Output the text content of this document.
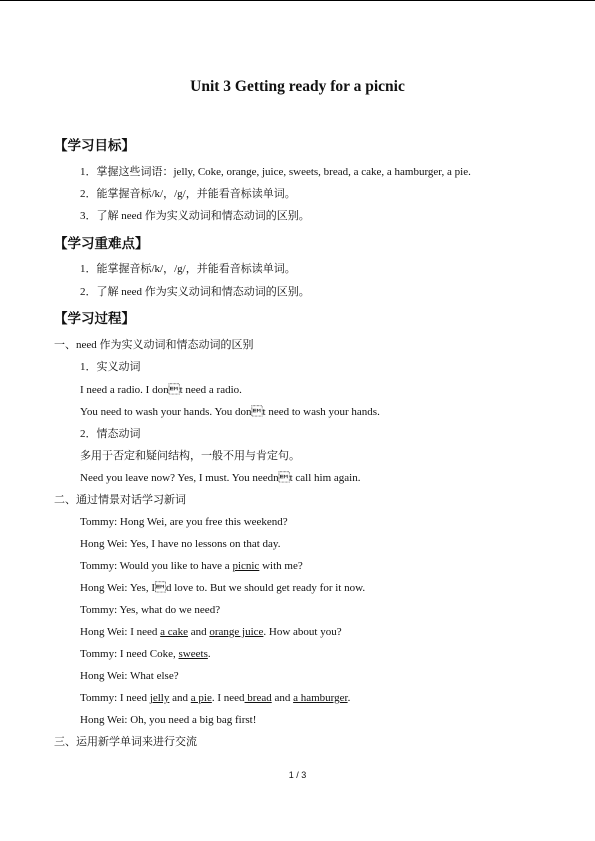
Unit 3 Getting ready for a picnic
【学习目标】
1．掌握这些词语：jelly, Coke, orange, juice, sweets, bread, a cake, a hamburger, a pie.
2．能掌握音标/k/，/g/，并能看音标读单词。
3．了解 need 作为实义动词和情态动词的区别。
【学习重难点】
1．能掌握音标/k/，/g/，并能看音标读单词。
2．了解 need 作为实义动词和情态动词的区别。
【学习过程】
一、need 作为实义动词和情态动词的区别
1．实义动词
I need a radio. I dont need a radio.
You need to wash your hands. You dont need to wash your hands.
2．情态动词
多用于否定和疑问结构，一般不用与肯定句。
Need you leave now? Yes, I must. You neednt call him again.
二、通过情景对话学习新词
Tommy: Hong Wei, are you free this weekend?
Hong Wei: Yes, I have no lessons on that day.
Tommy: Would you like to have a picnic with me?
Hong Wei: Yes, Id love to. But we should get ready for it now.
Tommy: Yes, what do we need?
Hong Wei: I need a cake and orange juice. How about you?
Tommy: I need Coke, sweets.
Hong Wei: What else?
Tommy: I need jelly and a pie. I need bread and a hamburger.
Hong Wei: Oh, you need a big bag first!
三、运用新学单词来进行交流
1 / 3
